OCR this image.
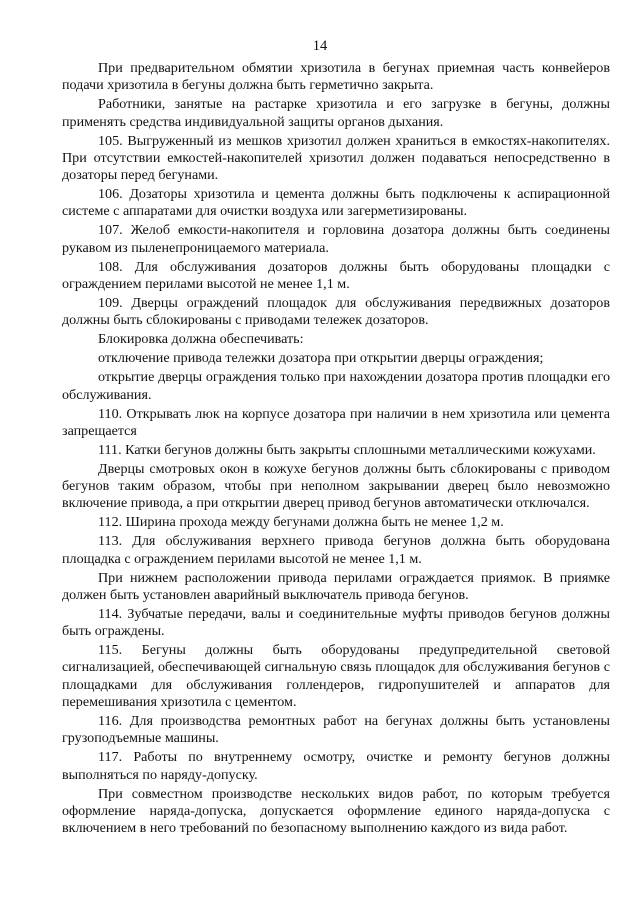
14

При предварительном обмятии хризотила в бегунах приемная часть конвейеров подачи хризотила в бегуны должна быть герметично закрыта.

Работники, занятые на растарке хризотила и его загрузке в бегуны, должны применять средства индивидуальной защиты органов дыхания.

105. Выгруженный из мешков хризотил должен храниться в емкостях-накопителях. При отсутствии емкостей-накопителей хризотил должен подаваться непосредственно в дозаторы перед бегунами.

106. Дозаторы хризотила и цемента должны быть подключены к аспирационной системе с аппаратами для очистки воздуха или загерметизированы.

107. Желоб емкости-накопителя и горловина дозатора должны быть соединены рукавом из пыленепроницаемого материала.

108. Для обслуживания дозаторов должны быть оборудованы площадки с ограждением перилами высотой не менее 1,1 м.

109. Дверцы ограждений площадок для обслуживания передвижных дозаторов должны быть сблокированы с приводами тележек дозаторов.

Блокировка должна обеспечивать:

отключение привода тележки дозатора при открытии дверцы ограждения;

открытие дверцы ограждения только при нахождении дозатора против площадки его обслуживания.

110. Открывать люк на корпусе дозатора при наличии в нем хризотила или цемента запрещается

111. Катки бегунов должны быть закрыты сплошными металлическими кожухами.

Дверцы смотровых окон в кожухе бегунов должны быть сблокированы с приводом бегунов таким образом, чтобы при неполном закрывании дверец было невозможно включение привода, а при открытии дверец привод бегунов автоматически отключался.

112. Ширина прохода между бегунами должна быть не менее 1,2 м.

113. Для обслуживания верхнего привода бегунов должна быть оборудована площадка с ограждением перилами высотой не менее 1,1 м.

При нижнем расположении привода перилами ограждается приямок. В приямке должен быть установлен аварийный выключатель привода бегунов.

114. Зубчатые передачи, валы и соединительные муфты приводов бегунов должны быть ограждены.

115. Бегуны должны быть оборудованы предупредительной световой сигнализацией, обеспечивающей сигнальную связь площадок для обслуживания бегунов с площадками для обслуживания голлендеров, гидропушителей и аппаратов для перемешивания хризотила с цементом.

116. Для производства ремонтных работ на бегунах должны быть установлены грузоподъемные машины.

117. Работы по внутреннему осмотру, очистке и ремонту бегунов должны выполняться по наряду-допуску.

При совместном производстве нескольких видов работ, по которым требуется оформление наряда-допуска, допускается оформление единого наряда-допуска с включением в него требований по безопасному выполнению каждого из вида работ.
